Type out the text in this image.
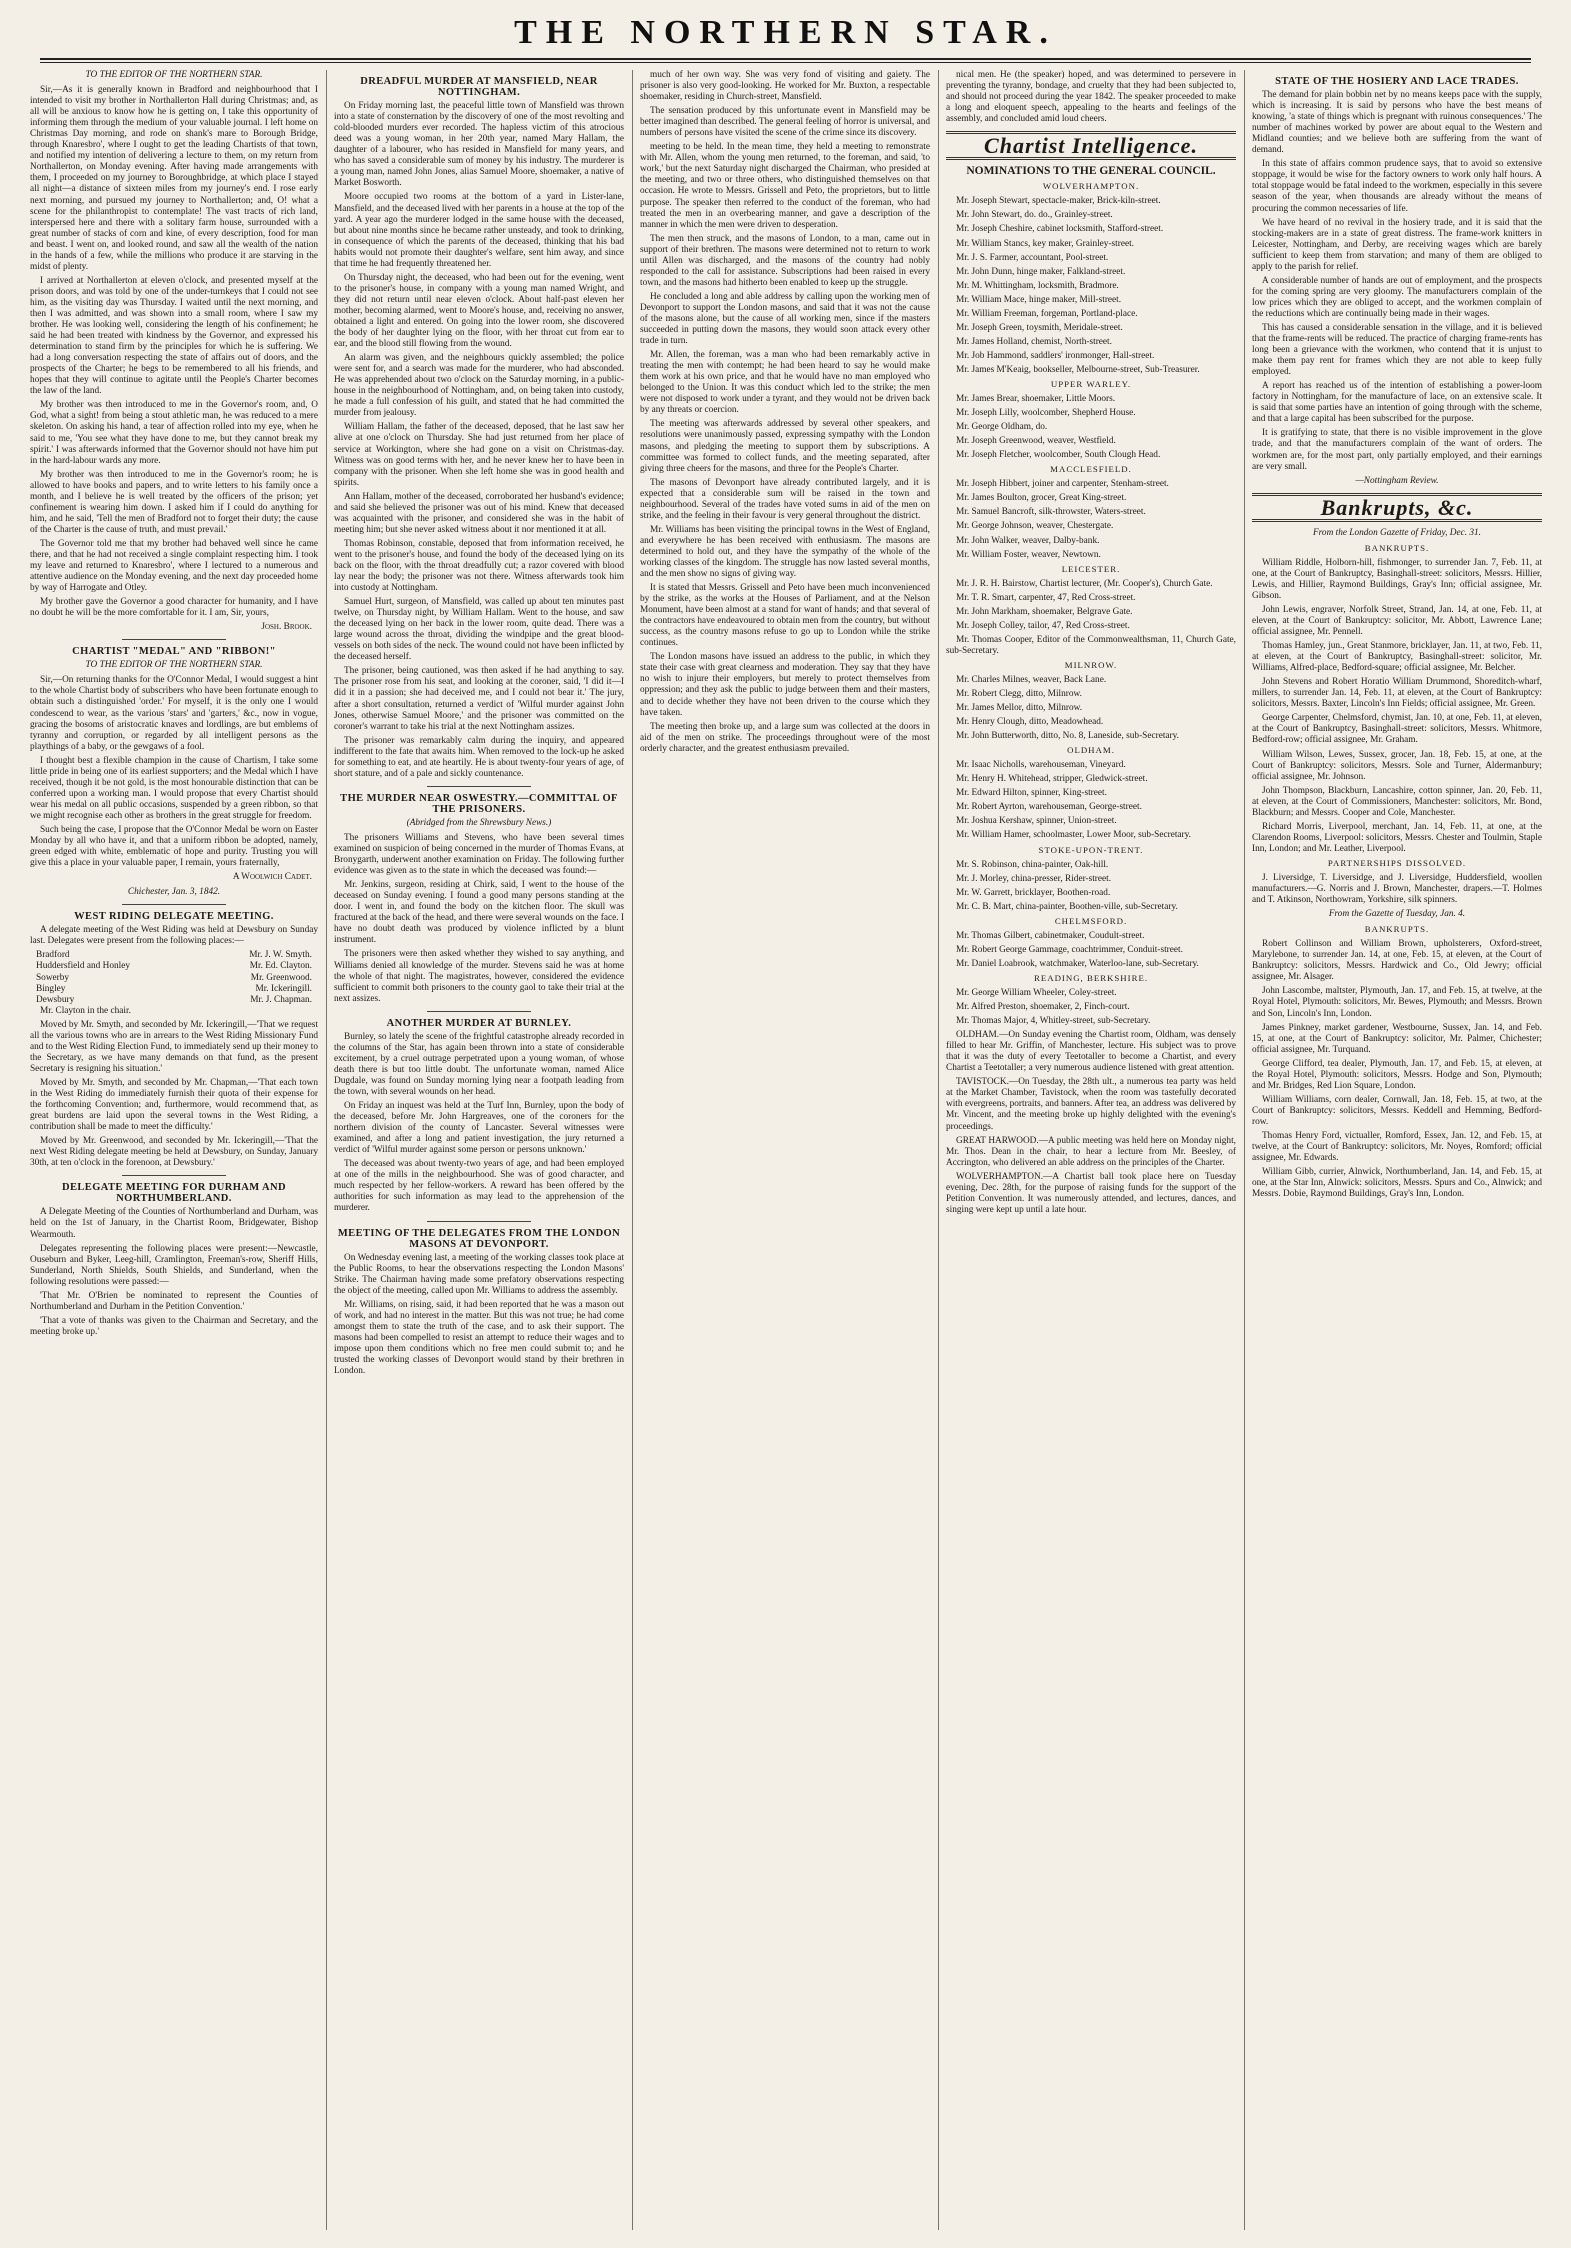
THE NORTHERN STAR.

TO THE EDITOR OF THE NORTHERN STAR.

Sir,—As it is generally known in Bradford and neighbourhood that I intended to visit my brother in Northallerton Hall during Christmas; and, as all will be anxious to know how he is getting on, I take this opportunity of informing them through the medium of your valuable journal. I left home on Christmas Day morning, and rode on shank's mare to Borough Bridge, through Knaresbro', where I ought to get the leading Chartists of that town, and notified my intention of delivering a lecture to them, on my return from Northallerton, on Monday evening. After having made arrangements with them, I proceeded on my journey to Boroughbridge, at which place I stayed all night—a distance of sixteen miles from my journey's end. I rose early next morning, and pursued my journey to Northallerton; and, O! what a scene for the philanthropist to contemplate! The vast tracts of rich land, interspersed here and there with a solitary farm house, surrounded with a great number of stacks of corn and kine, of every description, food for man and beast. I went on, and looked round, and saw all the wealth of the nation in the hands of a few, while the millions who produce it are starving in the midst of plenty.

I arrived at Northallerton at eleven o'clock, and presented myself at the prison doors, and was told by one of the under-turnkeys that I could not see him, as the visiting day was Thursday. I waited until the next morning, and then I was admitted, and was shown into a small room, where I saw my brother. He was looking well, considering the length of his confinement; he said he had been treated with kindness by the Governor, and expressed his determination to stand firm by the principles for which he is suffering. We had a long conversation respecting the state of affairs out of doors, and the prospects of the Charter; he begs to be remembered to all his friends, and hopes that they will continue to agitate until the People's Charter becomes the law of the land.

My brother was then introduced to me in the Governor's room, and, O God, what a sight! from being a stout athletic man, he was reduced to a mere skeleton. On asking his hand, a tear of affection rolled into my eye, when he said to me, 'You see what they have done to me, but they cannot break my spirit.' I was afterwards informed that the Governor should not have him put in the hard-labour wards any more.

My brother was then introduced to me in the Governor's room; he is allowed to have books and papers, and to write letters to his family once a month, and I believe he is well treated by the officers of the prison; yet confinement is wearing him down. I asked him if I could do anything for him, and he said, 'Tell the men of Bradford not to forget their duty; the cause of the Charter is the cause of truth, and must prevail.'

The Governor told me that my brother had behaved well since he came there, and that he had not received a single complaint respecting him. I took my leave and returned to Knaresbro', where I lectured to a numerous and attentive audience on the Monday evening, and the next day proceeded home by way of Harrogate and Otley.

My brother gave the Governor a good character for humanity, and I have no doubt he will be the more comfortable for it. I am, Sir, yours,

Josh. Brook.

CHARTIST "MEDAL" AND "RIBBON!"

TO THE EDITOR OF THE NORTHERN STAR.

Sir,—On returning thanks for the O'Connor Medal, I would suggest a hint to the whole Chartist body of subscribers who have been fortunate enough to obtain such a distinguished 'order.' For myself, it is the only one I would condescend to wear, as the various 'stars' and 'garters,' &c., now in vogue, gracing the bosoms of aristocratic knaves and lordlings, are but emblems of tyranny and corruption, or regarded by all intelligent persons as the playthings of a baby, or the gewgaws of a fool.

I thought best a flexible champion in the cause of Chartism, I take some little pride in being one of its earliest supporters; and the Medal which I have received, though it be not gold, is the most honourable distinction that can be conferred upon a working man. I would propose that every Chartist should wear his medal on all public occasions, suspended by a green ribbon, so that we might recognise each other as brothers in the great struggle for freedom.

Such being the case, I propose that the O'Connor Medal be worn on Easter Monday by all who have it, and that a uniform ribbon be adopted, namely, green edged with white, emblematic of hope and purity. Trusting you will give this a place in your valuable paper, I remain, yours fraternally,

A Woolwich Cadet.

Chichester, Jan. 3, 1842.

WEST RIDING DELEGATE MEETING.

A delegate meeting of the West Riding was held at Dewsbury on Sunday last. Delegates were present from the following places:—

Bradford	Mr. J. W. Smyth.
Huddersfield and Honley	Mr. Ed. Clayton.
Sowerby	Mr. Greenwood.
Bingley	Mr. Ickeringill.
Dewsbury	Mr. J. Chapman.

Mr. Clayton in the chair.

Moved by Mr. Smyth, and seconded by Mr. Ickeringill,—'That we request all the various towns who are in arrears to the West Riding Missionary Fund and to the West Riding Election Fund, to immediately send up their money to the Secretary, as we have many demands on that fund, as the present Secretary is resigning his situation.'

Moved by Mr. Smyth, and seconded by Mr. Chapman,—'That each town in the West Riding do immediately furnish their quota of their expense for the forthcoming Convention; and, furthermore, would recommend that, as great burdens are laid upon the several towns in the West Riding, a contribution shall be made to meet the difficulty.'

Moved by Mr. Greenwood, and seconded by Mr. Ickeringill,—'That the next West Riding delegate meeting be held at Dewsbury, on Sunday, January 30th, at ten o'clock in the forenoon, at Dewsbury.'

DELEGATE MEETING FOR DURHAM AND NORTHUMBERLAND.

A Delegate Meeting of the Counties of Northumberland and Durham, was held on the 1st of January, in the Chartist Room, Bridgewater, Bishop Wearmouth.

Delegates representing the following places were present:—Newcastle, Ouseburn and Byker, Leeg-hill, Cramlington, Freeman's-row, Sheriff Hills, Sunderland, North Shields, South Shields, and Sunderland, when the following resolutions were passed:—

'That Mr. O'Brien be nominated to represent the Counties of Northumberland and Durham in the Petition Convention.'

'That a vote of thanks was given to the Chairman and Secretary, and the meeting broke up.'

DREADFUL MURDER AT MANSFIELD, NEAR NOTTINGHAM.

On Friday morning last, the peaceful little town of Mansfield was thrown into a state of consternation by the discovery of one of the most revolting and cold-blooded murders ever recorded. The hapless victim of this atrocious deed was a young woman, in her 20th year, named Mary Hallam, the daughter of a labourer, who has resided in Mansfield for many years, and who has saved a considerable sum of money by his industry. The murderer is a young man, named John Jones, alias Samuel Moore, shoemaker, a native of Market Bosworth.

Moore occupied two rooms at the bottom of a yard in Lister-lane, Mansfield, and the deceased lived with her parents in a house at the top of the yard. A year ago the murderer lodged in the same house with the deceased, but about nine months since he became rather unsteady, and took to drinking, in consequence of which the parents of the deceased, thinking that his bad habits would not promote their daughter's welfare, sent him away, and since that time he had frequently threatened her.

On Thursday night, the deceased, who had been out for the evening, went to the prisoner's house, in company with a young man named Wright, and they did not return until near eleven o'clock. About half-past eleven her mother, becoming alarmed, went to Moore's house, and, receiving no answer, obtained a light and entered. On going into the lower room, she discovered the body of her daughter lying on the floor, with her throat cut from ear to ear, and the blood still flowing from the wound.

An alarm was given, and the neighbours quickly assembled; the police were sent for, and a search was made for the murderer, who had absconded. He was apprehended about two o'clock on the Saturday morning, in a public-house in the neighbourhood of Nottingham, and, on being taken into custody, he made a full confession of his guilt, and stated that he had committed the murder from jealousy.

William Hallam, the father of the deceased, deposed, that he last saw her alive at one o'clock on Thursday. She had just returned from her place of service at Workington, where she had gone on a visit on Christmas-day. Witness was on good terms with her, and he never knew her to have been in company with the prisoner. When she left home she was in good health and spirits.

Ann Hallam, mother of the deceased, corroborated her husband's evidence; and said she believed the prisoner was out of his mind. Knew that deceased was acquainted with the prisoner, and considered she was in the habit of meeting him; but she never asked witness about it nor mentioned it at all.

Thomas Robinson, constable, deposed that from information received, he went to the prisoner's house, and found the body of the deceased lying on its back on the floor, with the throat dreadfully cut; a razor covered with blood lay near the body; the prisoner was not there. Witness afterwards took him into custody at Nottingham.

Samuel Hurt, surgeon, of Mansfield, was called up about ten minutes past twelve, on Thursday night, by William Hallam. Went to the house, and saw the deceased lying on her back in the lower room, quite dead. There was a large wound across the throat, dividing the windpipe and the great blood-vessels on both sides of the neck. The wound could not have been inflicted by the deceased herself.

The prisoner, being cautioned, was then asked if he had anything to say. The prisoner rose from his seat, and looking at the coroner, said, 'I did it—I did it in a passion; she had deceived me, and I could not bear it.' The jury, after a short consultation, returned a verdict of 'Wilful murder against John Jones, otherwise Samuel Moore,' and the prisoner was committed on the coroner's warrant to take his trial at the next Nottingham assizes.

The prisoner was remarkably calm during the inquiry, and appeared indifferent to the fate that awaits him. When removed to the lock-up he asked for something to eat, and ate heartily. He is about twenty-four years of age, of short stature, and of a pale and sickly countenance.

THE MURDER NEAR OSWESTRY.—COMMITTAL OF THE PRISONERS.

(Abridged from the Shrewsbury News.)

The prisoners Williams and Stevens, who have been several times examined on suspicion of being concerned in the murder of Thomas Evans, at Bronygarth, underwent another examination on Friday. The following further evidence was given as to the state in which the deceased was found:—

Mr. Jenkins, surgeon, residing at Chirk, said, I went to the house of the deceased on Sunday evening. I found a good many persons standing at the door. I went in, and found the body on the kitchen floor. The skull was fractured at the back of the head, and there were several wounds on the face. I have no doubt death was produced by violence inflicted by a blunt instrument.

The prisoners were then asked whether they wished to say anything, and Williams denied all knowledge of the murder. Stevens said he was at home the whole of that night. The magistrates, however, considered the evidence sufficient to commit both prisoners to the county gaol to take their trial at the next assizes.

ANOTHER MURDER AT BURNLEY.

Burnley, so lately the scene of the frightful catastrophe already recorded in the columns of the Star, has again been thrown into a state of considerable excitement, by a cruel outrage perpetrated upon a young woman, of whose death there is but too little doubt. The unfortunate woman, named Alice Dugdale, was found on Sunday morning lying near a footpath leading from the town, with several wounds on her head.

On Friday an inquest was held at the Turf Inn, Burnley, upon the body of the deceased, before Mr. John Hargreaves, one of the coroners for the northern division of the county of Lancaster. Several witnesses were examined, and after a long and patient investigation, the jury returned a verdict of 'Wilful murder against some person or persons unknown.'

The deceased was about twenty-two years of age, and had been employed at one of the mills in the neighbourhood. She was of good character, and much respected by her fellow-workers. A reward has been offered by the authorities for such information as may lead to the apprehension of the murderer.

MEETING OF THE DELEGATES FROM THE LONDON MASONS AT DEVONPORT.

On Wednesday evening last, a meeting of the working classes took place at the Public Rooms, to hear the observations respecting the London Masons' Strike. The Chairman having made some prefatory observations respecting the object of the meeting, called upon Mr. Williams to address the assembly.

Mr. Williams, on rising, said, it had been reported that he was a mason out of work, and had no interest in the matter. But this was not true; he had come amongst them to state the truth of the case, and to ask their support. The masons had been compelled to resist an attempt to reduce their wages and to impose upon them conditions which no free men could submit to; and he trusted the working classes of Devonport would stand by their brethren in London.

much of her own way. She was very fond of visiting and gaiety. The prisoner is also very good-looking. He worked for Mr. Buxton, a respectable shoemaker, residing in Church-street, Mansfield.

The sensation produced by this unfortunate event in Mansfield may be better imagined than described. The general feeling of horror is universal, and numbers of persons have visited the scene of the crime since its discovery.

meeting to be held. In the mean time, they held a meeting to remonstrate with Mr. Allen, whom the young men returned, to the foreman, and said, 'to work,' but the next Saturday night discharged the Chairman, who presided at the meeting, and two or three others, who distinguished themselves on that occasion. He wrote to Messrs. Grissell and Peto, the proprietors, but to little purpose. The speaker then referred to the conduct of the foreman, who had treated the men in an overbearing manner, and gave a description of the manner in which the men were driven to desperation.

The men then struck, and the masons of London, to a man, came out in support of their brethren. The masons were determined not to return to work until Allen was discharged, and the masons of the country had nobly responded to the call for assistance. Subscriptions had been raised in every town, and the masons had hitherto been enabled to keep up the struggle.

He concluded a long and able address by calling upon the working men of Devonport to support the London masons, and said that it was not the cause of the masons alone, but the cause of all working men, since if the masters succeeded in putting down the masons, they would soon attack every other trade in turn.

Mr. Allen, the foreman, was a man who had been remarkably active in treating the men with contempt; he had been heard to say he would make them work at his own price, and that he would have no man employed who belonged to the Union. It was this conduct which led to the strike; the men were not disposed to work under a tyrant, and they would not be driven back by any threats or coercion.

The meeting was afterwards addressed by several other speakers, and resolutions were unanimously passed, expressing sympathy with the London masons, and pledging the meeting to support them by subscriptions. A committee was formed to collect funds, and the meeting separated, after giving three cheers for the masons, and three for the People's Charter.

The masons of Devonport have already contributed largely, and it is expected that a considerable sum will be raised in the town and neighbourhood. Several of the trades have voted sums in aid of the men on strike, and the feeling in their favour is very general throughout the district.

Mr. Williams has been visiting the principal towns in the West of England, and everywhere he has been received with enthusiasm. The masons are determined to hold out, and they have the sympathy of the whole of the working classes of the kingdom. The struggle has now lasted several months, and the men show no signs of giving way.

It is stated that Messrs. Grissell and Peto have been much inconvenienced by the strike, as the works at the Houses of Parliament, and at the Nelson Monument, have been almost at a stand for want of hands; and that several of the contractors have endeavoured to obtain men from the country, but without success, as the country masons refuse to go up to London while the strike continues.

The London masons have issued an address to the public, in which they state their case with great clearness and moderation. They say that they have no wish to injure their employers, but merely to protect themselves from oppression; and they ask the public to judge between them and their masters, and to decide whether they have not been driven to the course which they have taken.

The meeting then broke up, and a large sum was collected at the doors in aid of the men on strike. The proceedings throughout were of the most orderly character, and the greatest enthusiasm prevailed.

nical men. He (the speaker) hoped, and was determined to persevere in preventing the tyranny, bondage, and cruelty that they had been subjected to, and should not proceed during the year 1842. The speaker proceeded to make a long and eloquent speech, appealing to the hearts and feelings of the assembly, and concluded amid loud cheers.

Chartist Intelligence.

NOMINATIONS TO THE GENERAL COUNCIL.

WOLVERHAMPTON.

Mr. Joseph Stewart, spectacle-maker, Brick-kiln-street.

Mr. John Stewart, do. do., Grainley-street.

Mr. Joseph Cheshire, cabinet locksmith, Stafford-street.

Mr. William Stancs, key maker, Grainley-street.

Mr. J. S. Farmer, accountant, Pool-street.

Mr. John Dunn, hinge maker, Falkland-street.

Mr. M. Whittingham, locksmith, Bradmore.

Mr. William Mace, hinge maker, Mill-street.

Mr. William Freeman, forgeman, Portland-place.

Mr. Joseph Green, toysmith, Meridale-street.

Mr. James Holland, chemist, North-street.

Mr. Job Hammond, saddlers' ironmonger, Hall-street.

Mr. James M'Keaig, bookseller, Melbourne-street, Sub-Treasurer.

UPPER WARLEY.

Mr. James Brear, shoemaker, Little Moors.

Mr. Joseph Lilly, woolcomber, Shepherd House.

Mr. George Oldham, do.

Mr. Joseph Greenwood, weaver, Westfield.

Mr. Joseph Fletcher, woolcomber, South Clough Head.

MACCLESFIELD.

Mr. Joseph Hibbert, joiner and carpenter, Stenham-street.

Mr. James Boulton, grocer, Great King-street.

Mr. Samuel Bancroft, silk-throwster, Waters-street.

Mr. George Johnson, weaver, Chestergate.

Mr. John Walker, weaver, Dalby-bank.

Mr. William Foster, weaver, Newtown.

LEICESTER.

Mr. J. R. H. Bairstow, Chartist lecturer, (Mr. Cooper's), Church Gate.

Mr. T. R. Smart, carpenter, 47, Red Cross-street.

Mr. John Markham, shoemaker, Belgrave Gate.

Mr. Joseph Colley, tailor, 47, Red Cross-street.

Mr. Thomas Cooper, Editor of the Commonwealthsman, 11, Church Gate, sub-Secretary.

MILNROW.

Mr. Charles Milnes, weaver, Back Lane.

Mr. Robert Clegg, ditto, Milnrow.

Mr. James Mellor, ditto, Milnrow.

Mr. Henry Clough, ditto, Meadowhead.

Mr. John Butterworth, ditto, No. 8, Laneside, sub-Secretary.

OLDHAM.

Mr. Isaac Nicholls, warehouseman, Vineyard.

Mr. Henry H. Whitehead, stripper, Gledwick-street.

Mr. Edward Hilton, spinner, King-street.

Mr. Robert Ayrton, warehouseman, George-street.

Mr. Joshua Kershaw, spinner, Union-street.

Mr. William Hamer, schoolmaster, Lower Moor, sub-Secretary.

STOKE-UPON-TRENT.

Mr. S. Robinson, china-painter, Oak-hill.

Mr. J. Morley, china-presser, Rider-street.

Mr. W. Garrett, bricklayer, Boothen-road.

Mr. C. B. Mart, china-painter, Boothen-ville, sub-Secretary.

CHELMSFORD.

Mr. Thomas Gilbert, cabinetmaker, Coudult-street.

Mr. Robert George Gammage, coachtrimmer, Conduit-street.

Mr. Daniel Loabrook, watchmaker, Waterloo-lane, sub-Secretary.

READING, BERKSHIRE.

Mr. George William Wheeler, Coley-street.

Mr. Alfred Preston, shoemaker, 2, Finch-court.

Mr. Thomas Major, 4, Whitley-street, sub-Secretary.

OLDHAM.—On Sunday evening the Chartist room, Oldham, was densely filled to hear Mr. Griffin, of Manchester, lecture. His subject was to prove that it was the duty of every Teetotaller to become a Chartist, and every Chartist a Teetotaller; a very numerous audience listened with great attention.

TAVISTOCK.—On Tuesday, the 28th ult., a numerous tea party was held at the Market Chamber, Tavistock, when the room was tastefully decorated with evergreens, portraits, and banners. After tea, an address was delivered by Mr. Vincent, and the meeting broke up highly delighted with the evening's proceedings.

GREAT HARWOOD.—A public meeting was held here on Monday night, Mr. Thos. Dean in the chair, to hear a lecture from Mr. Beesley, of Accrington, who delivered an able address on the principles of the Charter.

WOLVERHAMPTON.—A Chartist ball took place here on Tuesday evening, Dec. 28th, for the purpose of raising funds for the support of the Petition Convention. It was numerously attended, and lectures, dances, and singing were kept up until a late hour.

STATE OF THE HOSIERY AND LACE TRADES.

The demand for plain bobbin net by no means keeps pace with the supply, which is increasing. It is said by persons who have the best means of knowing, 'a state of things which is pregnant with ruinous consequences.' The number of machines worked by power are about equal to the Western and Midland counties; and we believe both are suffering from the want of demand.

In this state of affairs common prudence says, that to avoid so extensive stoppage, it would be wise for the factory owners to work only half hours. A total stoppage would be fatal indeed to the workmen, especially in this severe season of the year, when thousands are already without the means of procuring the common necessaries of life.

We have heard of no revival in the hosiery trade, and it is said that the stocking-makers are in a state of great distress. The frame-work knitters in Leicester, Nottingham, and Derby, are receiving wages which are barely sufficient to keep them from starvation; and many of them are obliged to apply to the parish for relief.

A considerable number of hands are out of employment, and the prospects for the coming spring are very gloomy. The manufacturers complain of the low prices which they are obliged to accept, and the workmen complain of the reductions which are continually being made in their wages.

This has caused a considerable sensation in the village, and it is believed that the frame-rents will be reduced. The practice of charging frame-rents has long been a grievance with the workmen, who contend that it is unjust to make them pay rent for frames which they are not able to keep fully employed.

A report has reached us of the intention of establishing a power-loom factory in Nottingham, for the manufacture of lace, on an extensive scale. It is said that some parties have an intention of going through with the scheme, and that a large capital has been subscribed for the purpose.

It is gratifying to state, that there is no visible improvement in the glove trade, and that the manufacturers complain of the want of orders. The workmen are, for the most part, only partially employed, and their earnings are very small.

—Nottingham Review.

Bankrupts, &c.

From the London Gazette of Friday, Dec. 31.

BANKRUPTS.

William Riddle, Holborn-hill, fishmonger, to surrender Jan. 7, Feb. 11, at one, at the Court of Bankruptcy, Basinghall-street: solicitors, Messrs. Hillier, Lewis, and Hillier, Raymond Buildings, Gray's Inn; official assignee, Mr. Gibson.

John Lewis, engraver, Norfolk Street, Strand, Jan. 14, at one, Feb. 11, at eleven, at the Court of Bankruptcy: solicitor, Mr. Abbott, Lawrence Lane; official assignee, Mr. Pennell.

Thomas Hamley, jun., Great Stanmore, bricklayer, Jan. 11, at two, Feb. 11, at eleven, at the Court of Bankruptcy, Basinghall-street: solicitor, Mr. Williams, Alfred-place, Bedford-square; official assignee, Mr. Belcher.

John Stevens and Robert Horatio William Drummond, Shoreditch-wharf, millers, to surrender Jan. 14, Feb. 11, at eleven, at the Court of Bankruptcy: solicitors, Messrs. Baxter, Lincoln's Inn Fields; official assignee, Mr. Green.

George Carpenter, Chelmsford, chymist, Jan. 10, at one, Feb. 11, at eleven, at the Court of Bankruptcy, Basinghall-street: solicitors, Messrs. Whitmore, Bedford-row; official assignee, Mr. Graham.

William Wilson, Lewes, Sussex, grocer, Jan. 18, Feb. 15, at one, at the Court of Bankruptcy: solicitors, Messrs. Sole and Turner, Aldermanbury; official assignee, Mr. Johnson.

John Thompson, Blackburn, Lancashire, cotton spinner, Jan. 20, Feb. 11, at eleven, at the Court of Commissioners, Manchester: solicitors, Mr. Bond, Blackburn; and Messrs. Cooper and Cole, Manchester.

Richard Morris, Liverpool, merchant, Jan. 14, Feb. 11, at one, at the Clarendon Rooms, Liverpool: solicitors, Messrs. Chester and Toulmin, Staple Inn, London; and Mr. Leather, Liverpool.

PARTNERSHIPS DISSOLVED.

J. Liversidge, T. Liversidge, and J. Liversidge, Huddersfield, woollen manufacturers.—G. Norris and J. Brown, Manchester, drapers.—T. Holmes and T. Atkinson, Northowram, Yorkshire, silk spinners.

From the Gazette of Tuesday, Jan. 4.

BANKRUPTS.

Robert Collinson and William Brown, upholsterers, Oxford-street, Marylebone, to surrender Jan. 14, at one, Feb. 15, at eleven, at the Court of Bankruptcy: solicitors, Messrs. Hardwick and Co., Old Jewry; official assignee, Mr. Alsager.

John Lascombe, maltster, Plymouth, Jan. 17, and Feb. 15, at twelve, at the Royal Hotel, Plymouth: solicitors, Mr. Bewes, Plymouth; and Messrs. Brown and Son, Lincoln's Inn, London.

James Pinkney, market gardener, Westbourne, Sussex, Jan. 14, and Feb. 15, at one, at the Court of Bankruptcy: solicitor, Mr. Palmer, Chichester; official assignee, Mr. Turquand.

George Clifford, tea dealer, Plymouth, Jan. 17, and Feb. 15, at eleven, at the Royal Hotel, Plymouth: solicitors, Messrs. Hodge and Son, Plymouth; and Mr. Bridges, Red Lion Square, London.

William Williams, corn dealer, Cornwall, Jan. 18, Feb. 15, at two, at the Court of Bankruptcy: solicitors, Messrs. Keddell and Hemming, Bedford-row.

Thomas Henry Ford, victualler, Romford, Essex, Jan. 12, and Feb. 15, at twelve, at the Court of Bankruptcy: solicitors, Mr. Noyes, Romford; official assignee, Mr. Edwards.

William Gibb, currier, Alnwick, Northumberland, Jan. 14, and Feb. 15, at one, at the Star Inn, Alnwick: solicitors, Messrs. Spurs and Co., Alnwick; and Messrs. Dobie, Raymond Buildings, Gray's Inn, London.
